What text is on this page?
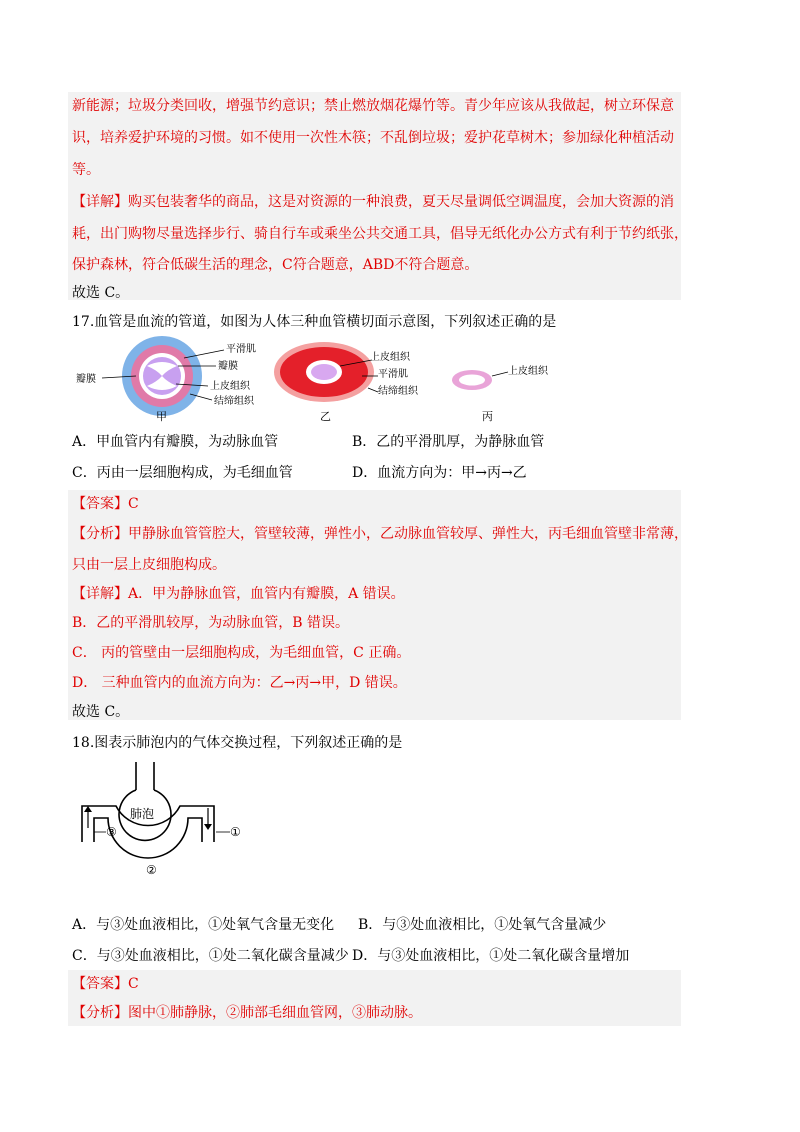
新能源；垃圾分类回收，增强节约意识；禁止燃放烟花爆竹等。青少年应该从我做起，树立环保意
识，培养爱护环境的习惯。如不使用一次性木筷；不乱倒垃圾；爱护花草树木；参加绿化种植活动
等。
【详解】购买包装奢华的商品，这是对资源的一种浪费，夏天尽量调低空调温度，会加大资源的消
耗，出门购物尽量选择步行、骑自行车或乘坐公共交通工具，倡导无纸化办公方式有利于节约纸张，
保护森林，符合低碳生活的理念，C符合题意，ABD不符合题意。
故选 C。
17.血管是血流的管道，如图为人体三种血管横切面示意图，下列叙述正确的是
平滑肌
瓣膜
瓣膜
上皮组织
结缔组织
甲
上皮组织
平滑肌
结缔组织
乙
上皮组织
丙
A．甲血管内有瓣膜，为动脉血管	B．乙的平滑肌厚，为静脉血管
C．丙由一层细胞构成，为毛细血管	D．血流方向为：甲→丙→乙
【答案】C
【分析】甲静脉血管管腔大，管壁较薄，弹性小，乙动脉血管较厚、弹性大，丙毛细血管壁非常薄，
只由一层上皮细胞构成。
【详解】A．甲为静脉血管，血管内有瓣膜，A 错误。
B．乙的平滑肌较厚，为动脉血管，B 错误。
C． 丙的管壁由一层细胞构成，为毛细血管，C 正确。
D． 三种血管内的血流方向为：乙→丙→甲，D 错误。
故选 C。
18.图表示肺泡内的气体交换过程，下列叙述正确的是
肺泡
③	①
②
A．与③处血液相比，①处氧气含量无变化 B．与③处血液相比，①处氧气含量减少
C．与③处血液相比，①处二氧化碳含量减少 D．与③处血液相比，①处二氧化碳含量增加
【答案】C
【分析】图中①肺静脉，②肺部毛细血管网，③肺动脉。
